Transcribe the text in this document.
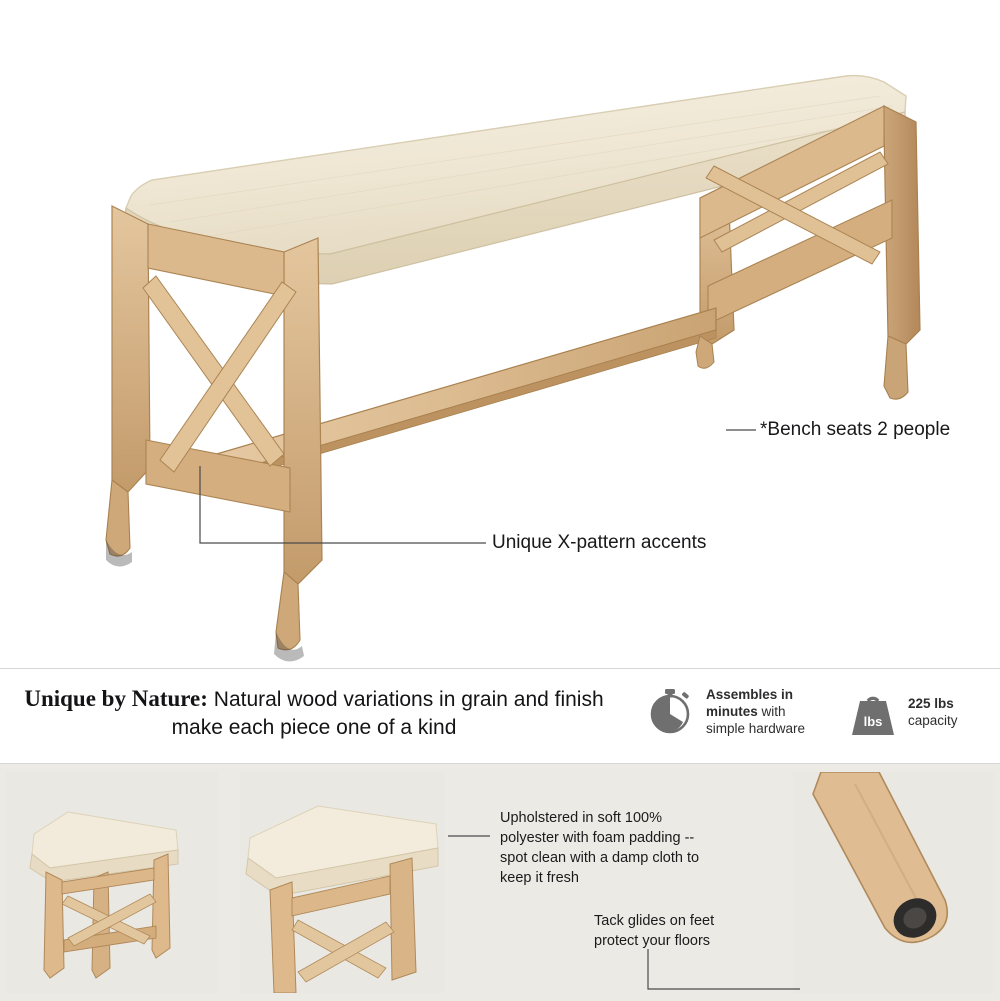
*Bench seats 2 people
Unique X-pattern accents
Unique by Nature: Natural wood variations in grain and finish make each piece one of a kind
Assembles in minutes with
simple hardware	lbs
225 lbs
capacity
Upholstered in soft 100% polyester with foam padding -- spot clean with a damp cloth to keep it fresh
Tack glides on feet protect your floors
